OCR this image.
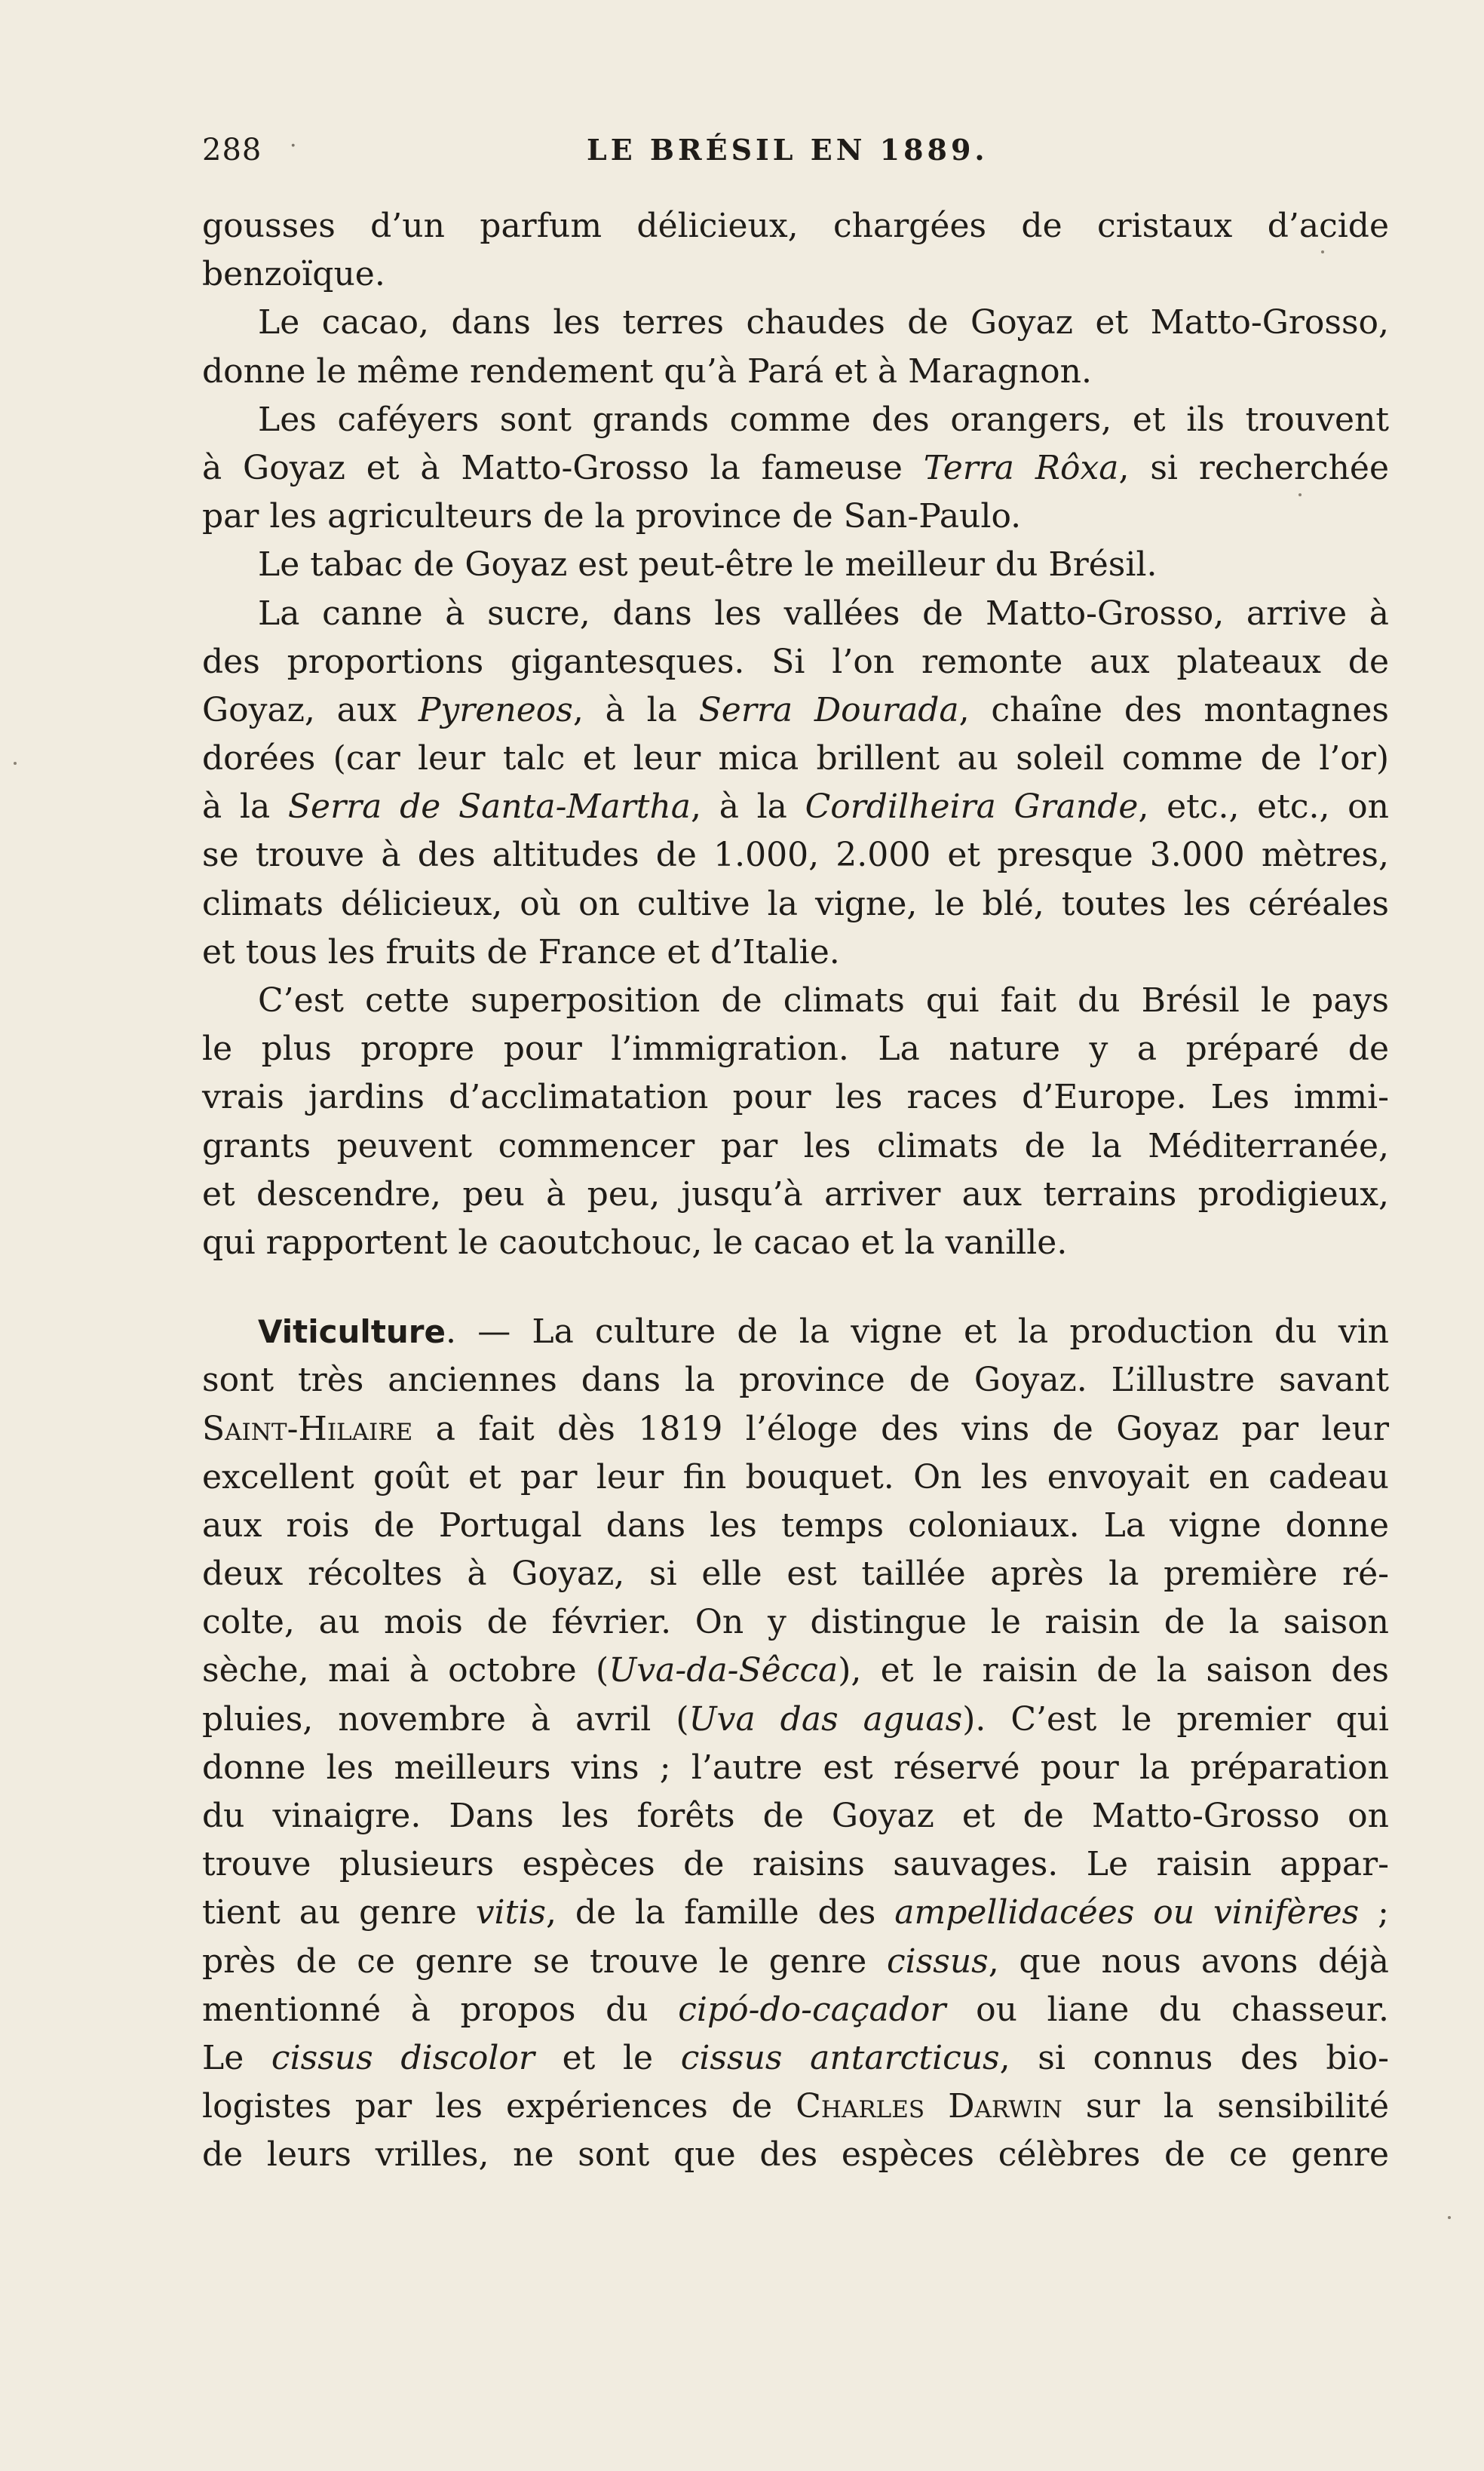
288 ·	LE BRÉSIL EN 1889.
gousses d’un parfum délicieux, chargées de cristaux d’acide
benzoïque.
Le cacao, dans les terres chaudes de Goyaz et Matto-Grosso,
donne le même rendement qu’à Pará et à Maragnon.
Les caféyers sont grands comme des orangers, et ils trouvent
à Goyaz et à Matto-Grosso la fameuse Terra Rôxa, si recherchée
par les agriculteurs de la province de San-Paulo.
Le tabac de Goyaz est peut-être le meilleur du Brésil.
La canne à sucre, dans les vallées de Matto-Grosso, arrive à
des proportions gigantesques. Si l’on remonte aux plateaux de
Goyaz, aux Pyreneos, à la Serra Dourada, chaîne des montagnes
dorées (car leur talc et leur mica brillent au soleil comme de l’or)
à la Serra de Santa-Martha, à la Cordilheira Grande, etc., etc., on
se trouve à des altitudes de 1.000, 2.000 et presque 3.000 mètres,
climats délicieux, où on cultive la vigne, le blé, toutes les céréales
et tous les fruits de France et d’Italie.
C’est cette superposition de climats qui fait du Brésil le pays
le plus propre pour l’immigration. La nature y a préparé de
vrais jardins d’acclimatation pour les races d’Europe. Les immi-
grants peuvent commencer par les climats de la Méditerranée,
et descendre, peu à peu, jusqu’à arriver aux terrains prodigieux,
qui rapportent le caoutchouc, le cacao et la vanille.
Viticulture. — La culture de la vigne et la production du vin
sont très anciennes dans la province de Goyaz. L’illustre savant
Saint-Hilaire a fait dès 1819 l’éloge des vins de Goyaz par leur
excellent goût et par leur fin bouquet. On les envoyait en cadeau
aux rois de Portugal dans les temps coloniaux. La vigne donne
deux récoltes à Goyaz, si elle est taillée après la première ré-
colte, au mois de février. On y distingue le raisin de la saison
sèche, mai à octobre (Uva-da-Sêcca), et le raisin de la saison des
pluies, novembre à avril (Uva das aguas). C’est le premier qui
donne les meilleurs vins ; l’autre est réservé pour la préparation
du vinaigre. Dans les forêts de Goyaz et de Matto-Grosso on
trouve plusieurs espèces de raisins sauvages. Le raisin appar-
tient au genre vitis, de la famille des ampellidacées ou vinifères ;
près de ce genre se trouve le genre cissus, que nous avons déjà
mentionné à propos du cipó-do-caçador ou liane du chasseur.
Le cissus discolor et le cissus antarcticus, si connus des bio-
logistes par les expériences de Charles Darwin sur la sensibilité
de leurs vrilles, ne sont que des espèces célèbres de ce genre
